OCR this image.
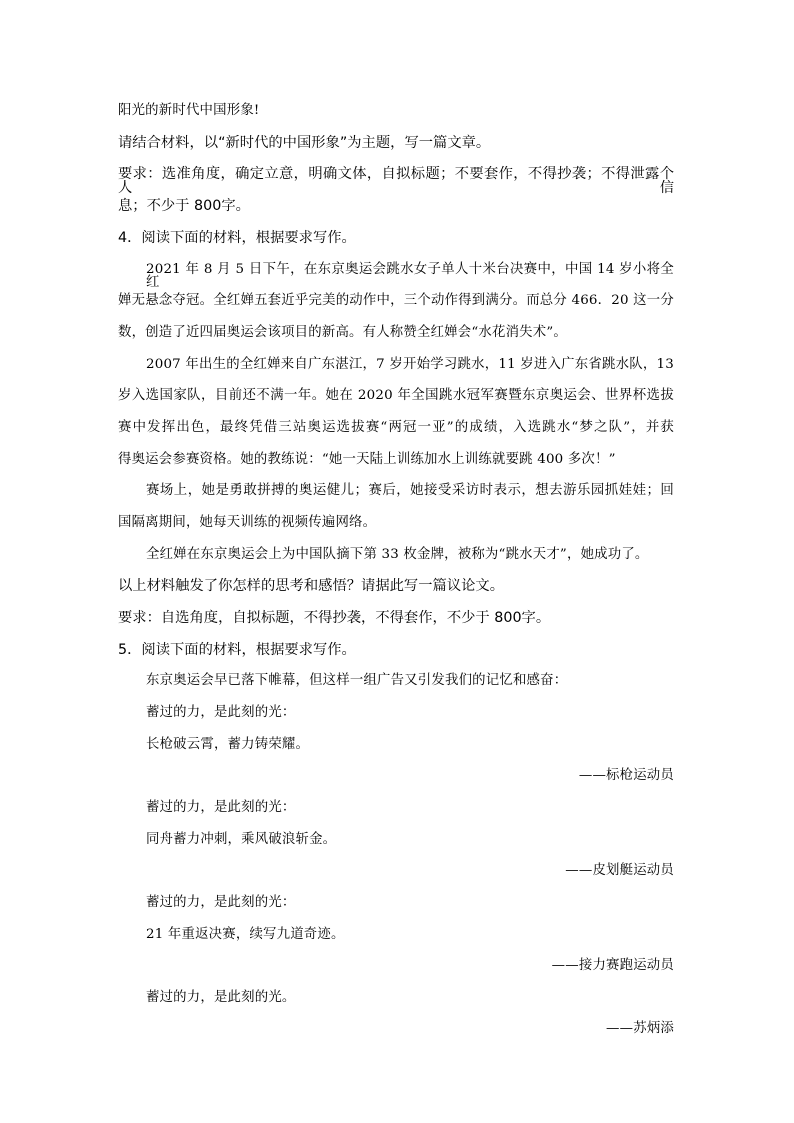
阳光的新时代中国形象!
请结合材料，以“新时代的中国形象”为主题，写一篇文章。
要求：选准角度，确定立意，明确文体，自拟标题；不要套作，不得抄袭；不得泄露个人信
息；不少于 800字。
4．阅读下面的材料，根据要求写作。
2021 年 8 月 5 日下午，在东京奥运会跳水女子单人十米台决赛中，中国 14 岁小将全红
婵无悬念夺冠。全红婵五套近乎完美的动作中，三个动作得到满分。而总分 466．20 这一分
数，创造了近四届奥运会该项目的新高。有人称赞全红婵会“水花消失术”。
2007 年出生的全红婵来自广东湛江，7 岁开始学习跳水，11 岁进入广东省跳水队，13
岁入选国家队，目前还不满一年。她在 2020 年全国跳水冠军赛暨东京奥运会、世界杯选拔
赛中发挥出色，最终凭借三站奥运选拔赛“两冠一亚”的成绩，入选跳水“梦之队”，并获
得奥运会参赛资格。她的教练说：“她一天陆上训练加水上训练就要跳 400 多次！”
赛场上，她是勇敢拼搏的奥运健儿；赛后，她接受采访时表示，想去游乐园抓娃娃；回
国隔离期间，她每天训练的视频传遍网络。
全红婵在东京奥运会上为中国队摘下第 33 枚金牌，被称为“跳水天才”，她成功了。
以上材料触发了你怎样的思考和感悟？请据此写一篇议论文。
要求：自选角度，自拟标题，不得抄袭，不得套作，不少于 800字。
5．阅读下面的材料，根据要求写作。
东京奥运会早已落下帷幕，但这样一组广告又引发我们的记忆和感奋：
蓄过的力，是此刻的光：
长枪破云霄，蓄力铸荣耀。
——标枪运动员
蓄过的力，是此刻的光：
同舟蓄力冲刺，乘风破浪斩金。
——皮划艇运动员
蓄过的力，是此刻的光：
21 年重返决赛，续写九道奇迹。
——接力赛跑运动员
蓄过的力，是此刻的光。
——苏炳添
